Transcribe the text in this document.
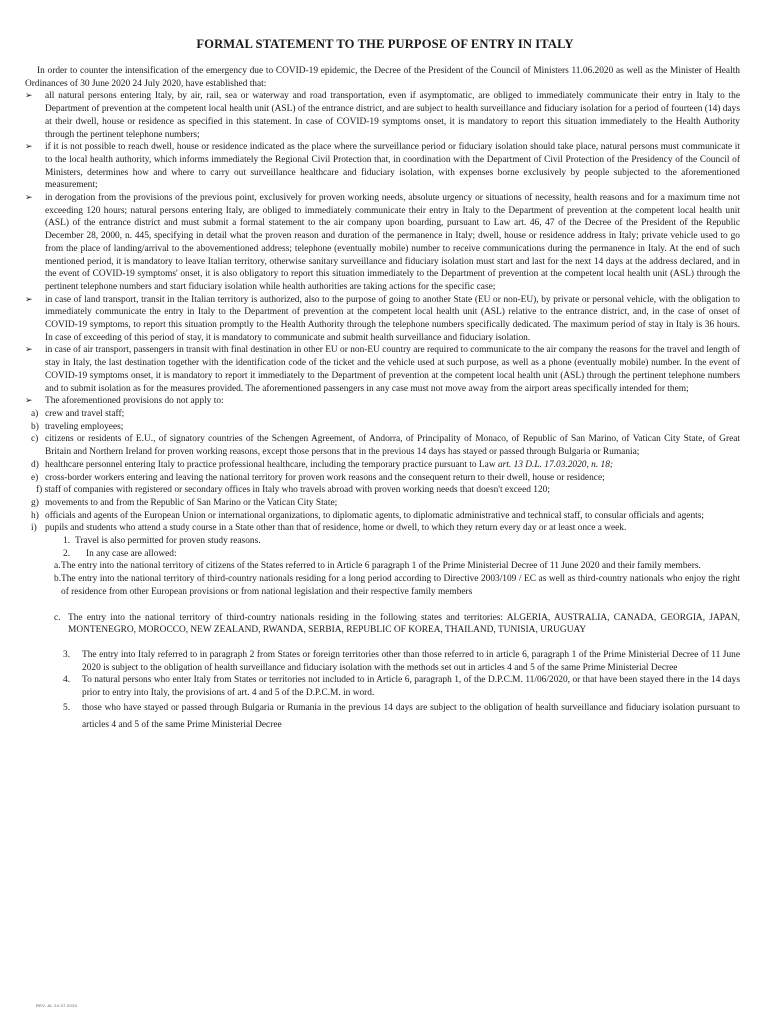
FORMAL STATEMENT TO THE PURPOSE OF ENTRY IN ITALY

In order to counter the intensification of the emergency due to COVID-19 epidemic, the Decree of the President of the Council of Ministers 11.06.2020 as well as the Minister of Health Ordinances of 30 June 2020 24 July 2020, have established that:

➢	all natural persons entering Italy, by air, rail, sea or waterway and road transportation, even if asymptomatic, are obliged to immediately communicate their entry in Italy to the Department of prevention at the competent local health unit (ASL) of the entrance district, and are subject to health surveillance and fiduciary isolation for a period of fourteen (14) days at their dwell, house or residence as specified in this statement. In case of COVID-19 symptoms onset, it is mandatory to report this situation immediately to the Health Authority through the pertinent telephone numbers;

➢	if it is not possible to reach dwell, house or residence indicated as the place where the surveillance period or fiduciary isolation should take place, natural persons must communicate it to the local health authority, which informs immediately the Regional Civil Protection that, in coordination with the Department of Civil Protection of the Presidency of the Council of Ministers, determines how and where to carry out surveillance healthcare and fiduciary isolation, with expenses borne exclusively by people subjected to the aforementioned measurement;

➢	in derogation from the provisions of the previous point, exclusively for proven working needs, absolute urgency or situations of necessity, health reasons and for a maximum time not exceeding 120 hours; natural persons entering Italy, are obliged to immediately communicate their entry in Italy to the Department of prevention at the competent local health unit (ASL) of the entrance district and must submit a formal statement to the air company upon boarding, pursuant to Law art. 46, 47 of the Decree of the President of the Republic December 28, 2000, n. 445, specifying in detail what the proven reason and duration of the permanence in Italy; dwell, house or residence address in Italy; private vehicle used to go from the place of landing/arrival to the abovementioned address; telephone (eventually mobile) number to receive communications during the permanence in Italy. At the end of such mentioned period, it is mandatory to leave Italian territory, otherwise sanitary surveillance and fiduciary isolation must start and last for the next 14 days at the address declared, and in the event of COVID-19 symptoms' onset, it is also obligatory to report this situation immediately to the Department of prevention at the competent local health unit (ASL) through the pertinent telephone numbers and start fiduciary isolation while health authorities are taking actions for the specific case;

➢	in case of land transport, transit in the Italian territory is authorized, also to the purpose of going to another State (EU or non-EU), by private or personal vehicle, with the obligation to immediately communicate the entry in Italy to the Department of prevention at the competent local health unit (ASL) relative to the entrance district, and, in the case of onset of COVID-19 symptoms, to report this situation promptly to the Health Authority through the telephone numbers specifically dedicated. The maximum period of stay in Italy is 36 hours. In case of exceeding of this period of stay, it is mandatory to communicate and submit health surveillance and fiduciary isolation.

➢	in case of air transport, passengers in transit with final destination in other EU or non-EU country are required to communicate to the air company the reasons for the travel and length of stay in Italy, the last destination together with the identification code of the ticket and the vehicle used at such purpose, as well as a phone (eventually mobile) number. In the event of COVID-19 symptoms onset, it is mandatory to report it immediately to the Department of prevention at the competent local health unit (ASL) through the pertinent telephone numbers and to submit isolation as for the measures provided. The aforementioned passengers in any case must not move away from the airport areas specifically intended for them;

➢	The aforementioned provisions do not apply to:

a) crew and travel staff;

b) traveling employees;

c) citizens or residents of E.U., of signatory countries of the Schengen Agreement, of Andorra, of Principality of Monaco, of Republic of San Marino, of Vatican City State, of Great Britain and Northern Ireland for proven working reasons, except those persons that in the previous 14 days has stayed or passed through Bulgaria or Rumania;

d) healthcare personnel entering Italy to practice professional healthcare, including the temporary practice pursuant to Law art. 13 D.L. 17.03.2020, n. 18;

e) cross-border workers entering and leaving the national territory for proven work reasons and the consequent return to their dwell, house or residence;

f) staff of companies with registered or secondary offices in Italy who travels abroad with proven working needs that doesn't exceed 120;

g) movements to and from the Republic of San Marino or the Vatican City State;

h) officials and agents of the European Union or international organizations, to diplomatic agents, to diplomatic administrative and technical staff, to consular officials and agents;

i) pupils and students who attend a study course in a State other than that of residence, home or dwell, to which they return every day or at least once a week.

1. Travel is also permitted for proven study reasons.

2. In any case are allowed:

a. The entry into the national territory of citizens of the States referred to in Article 6 paragraph 1 of the Prime Ministerial Decree of 11 June 2020 and their family members.

b. The entry into the national territory of third-country nationals residing for a long period according to Directive 2003/109 / EC as well as third-country nationals who enjoy the right of residence from other European provisions or from national legislation and their respective family members

c. The entry into the national territory of third-country nationals residing in the following states and territories: ALGERIA, AUSTRALIA, CANADA, GEORGIA, JAPAN, MONTENEGRO, MOROCCO, NEW ZEALAND, RWANDA, SERBIA, REPUBLIC OF KOREA, THAILAND, TUNISIA, URUGUAY

3. The entry into Italy referred to in paragraph 2 from States or foreign territories other than those referred to in article 6, paragraph 1 of the Prime Ministerial Decree of 11 June 2020 is subject to the obligation of health surveillance and fiduciary isolation with the methods set out in articles 4 and 5 of the same Prime Ministerial Decree

4. To natural persons who enter Italy from States or territories not included to in Article 6, paragraph 1, of the D.P.C.M. 11/06/2020, or that have been stayed there in the 14 days prior to entry into Italy, the provisions of art. 4 and 5 of the D.P.C.M. in word.

5. those who have stayed or passed through Bulgaria or Rumania in the previous 14 days are subject to the obligation of health surveillance and fiduciary isolation pursuant to articles 4 and 5 of the same Prime Ministerial Decree

REV. AL 24.07.2020
